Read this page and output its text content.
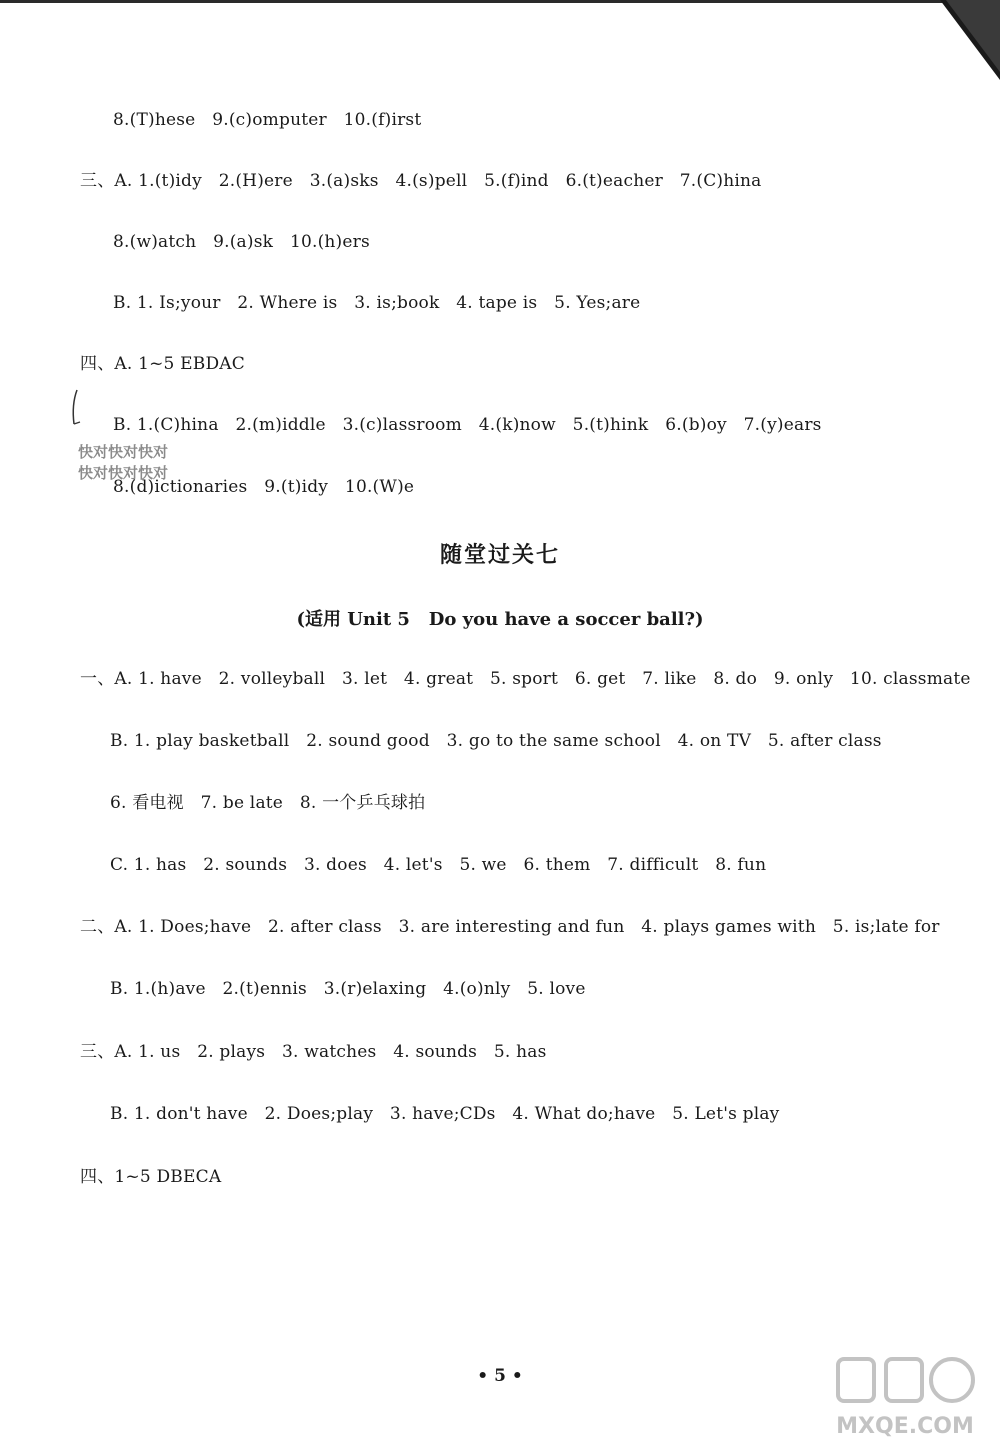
8.(T)hese   9.(c)omputer   10.(f)irst
三、A. 1.(t)idy   2.(H)ere   3.(a)sks   4.(s)pell   5.(f)ind   6.(t)eacher   7.(C)hina
8.(w)atch   9.(a)sk   10.(h)ers
B. 1. Is;your   2. Where is   3. is;book   4. tape is   5. Yes;are
四、A. 1~5 EBDAC
B. 1.(C)hina   2.(m)iddle   3.(c)lassroom   4.(k)now   5.(t)hink   6.(b)oy   7.(y)ears
快对快对快对
快对快对快对
8.(d)ictionaries   9.(t)idy   10.(W)e
随堂过关七
(适用 Unit 5   Do you have a soccer ball?)
一、A. 1. have   2. volleyball   3. let   4. great   5. sport   6. get   7. like   8. do   9. only   10. classmate
B. 1. play basketball   2. sound good   3. go to the same school   4. on TV   5. after class
6. 看电视   7. be late   8. 一个乒乓球拍
C. 1. has   2. sounds   3. does   4. let's   5. we   6. them   7. difficult   8. fun
二、A. 1. Does;have   2. after class   3. are interesting and fun   4. plays games with   5. is;late for
B. 1.(h)ave   2.(t)ennis   3.(r)elaxing   4.(o)nly   5. love
三、A. 1. us   2. plays   3. watches   4. sounds   5. has
B. 1. don't have   2. Does;play   3. have;CDs   4. What do;have   5. Let's play
四、1~5 DBECA
• 5 •
MXQE.COM
